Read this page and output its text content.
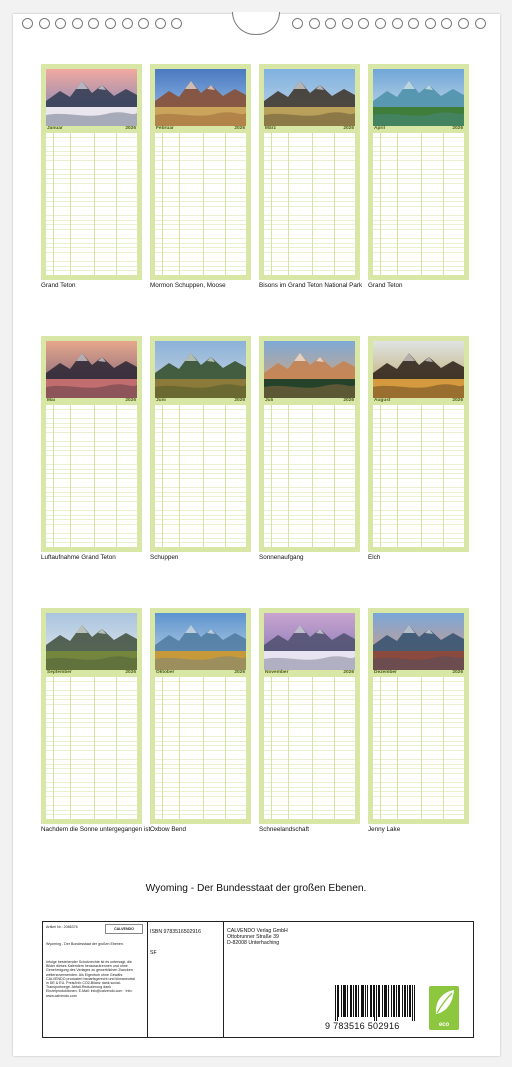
Januar	2026
Grand Teton
Februar	2026
Mormon Schuppen, Moose
März	2026
Bisons im Grand Teton National Park
April	2026
Grand Teton
Mai	2026
Luftaufnahme Grand Teton
Juni	2026
Schuppen
Juli	2026
Sonnenaufgang
August	2026
Elch
September	2026
Nachdem die Sonne untergegangen ist
Oktober	2026
Oxbow Bend
November	2026
Schneelandschaft
Dezember	2026
Jenny Lake
Wyoming - Der Bundesstaat der großen Ebenen.
Artikel Nr.: 2086376	CALVENDO
Wyoming - Der Bundesstaat der großen Ebenen.
Infolge bestehender Schutzrechte ist es untersagt, die Bilder dieses Kalenders herauszutrennen und ohne Genehmigung des Verlages zu gewerblichen Zwecken weiterzuverwenden. Als Eigentum ohne Gewähr. CALVENDO produziert bedarfsgerecht und klimaneutral in DE & EU. Preis/Info CO2-Bilanz dank social- Transportwege. Abfall-Reduzierung dank Einzelproduktionen. E-Mail: info@calvendo.com · Info: www.calvendo.com
ISBN 9783516502916
SF
CALVENDO Verlag GmbH
Ottobrunner Straße 39
D-82008 Unterhaching
9 783516 502916	eco
